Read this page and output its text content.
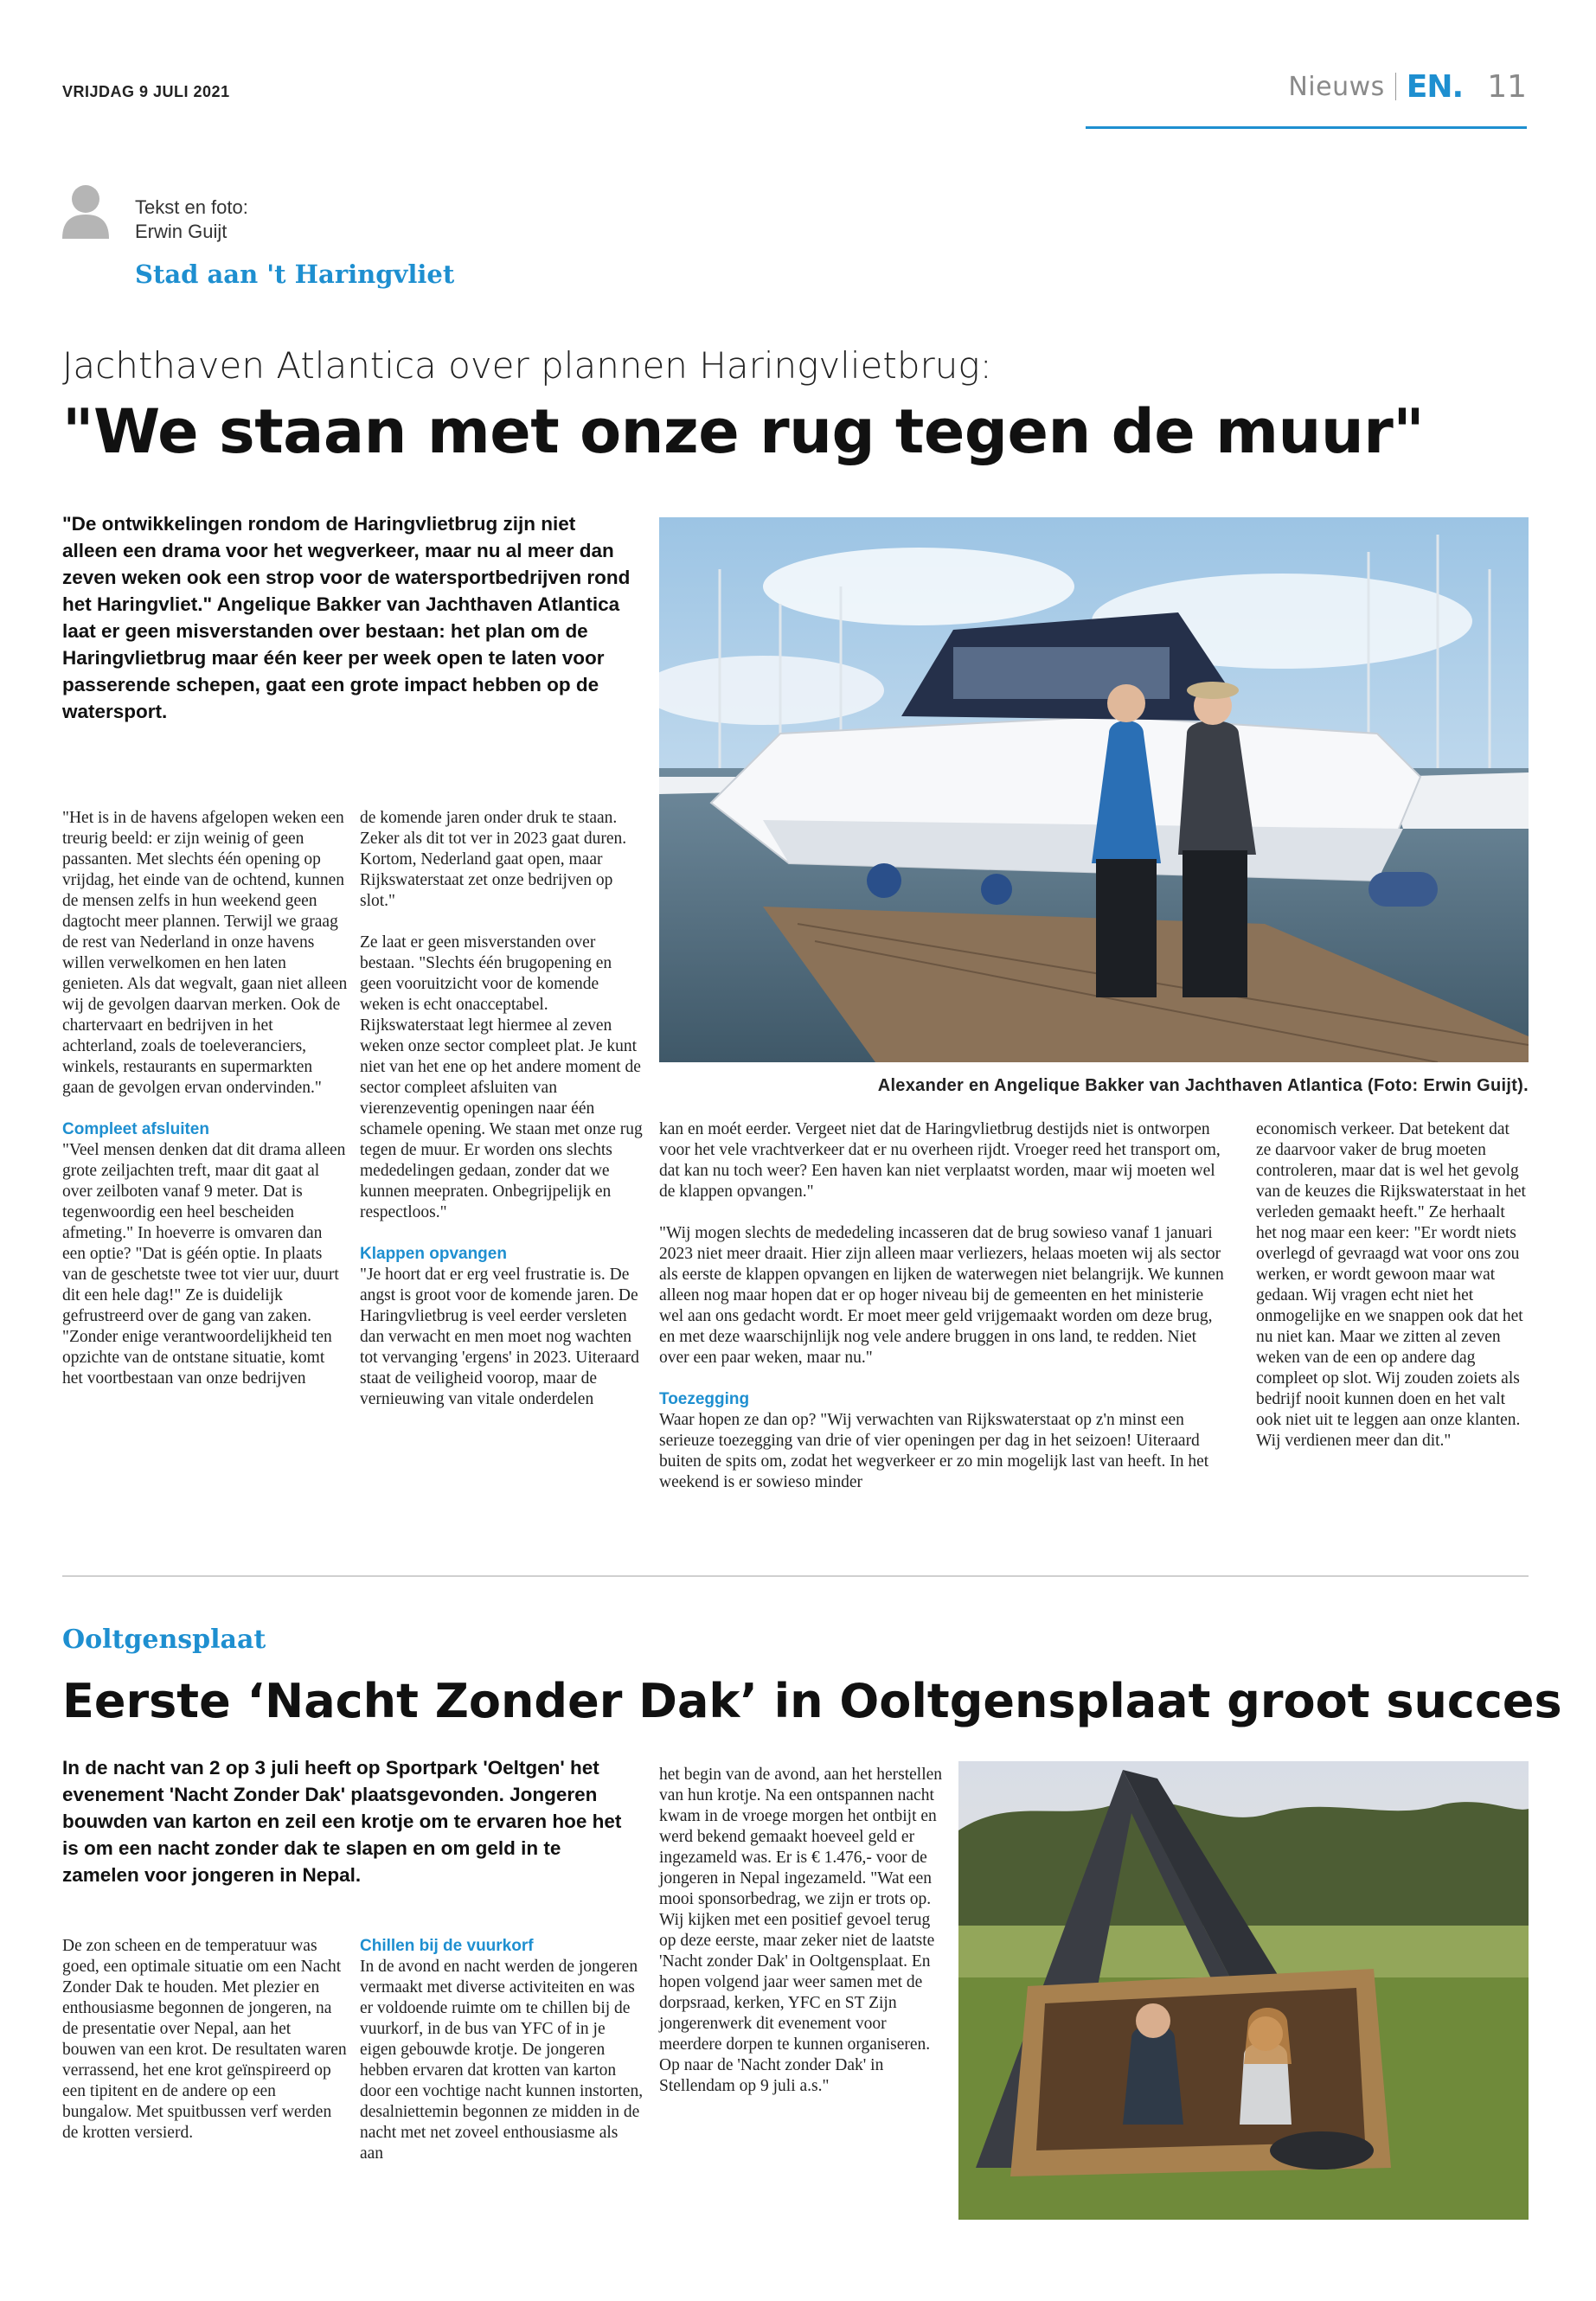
VRIJDAG 9 JULI 2021	Nieuws EN. 11
Tekst en foto:
Erwin Guijt
Stad aan 't Haringvliet
Jachthaven Atlantica over plannen Haringvlietbrug:
"We staan met onze rug tegen de muur"
"De ontwikkelingen rondom de Haringvlietbrug zijn niet alleen een drama voor het wegverkeer, maar nu al meer dan zeven weken ook een strop voor de watersportbedrijven rond het Haringvliet." Angelique Bakker van Jachthaven Atlantica laat er geen misverstanden over bestaan: het plan om de Haringvlietbrug maar één keer per week open te laten voor passerende schepen, gaat een grote impact hebben op de watersport.

"Het is in de havens afgelopen weken een treurig beeld: er zijn weinig of geen passanten. Met slechts één opening op vrijdag, het einde van de ochtend, kunnen de mensen zelfs in hun weekend geen dagtocht meer plannen. Terwijl we graag de rest van Nederland in onze havens willen verwelkomen en hen laten genieten. Als dat wegvalt, gaan niet alleen wij de gevolgen daarvan merken. Ook de chartervaart en bedrijven in het achterland, zoals de toeleveranciers, winkels, restaurants en supermarkten gaan de gevolgen ervan ondervinden."

Compleet afsluiten
"Veel mensen denken dat dit drama alleen grote zeiljachten treft, maar dit gaat al over zeilboten vanaf 9 meter. Dat is tegenwoordig een heel bescheiden afmeting." In hoeverre is omvaren dan een optie? "Dat is géén optie. In plaats van de geschetste twee tot vier uur, duurt dit een hele dag!" Ze is duidelijk gefrustreerd over de gang van zaken. "Zonder enige verantwoordelijkheid ten opzichte van de ontstane situatie, komt het voortbestaan van onze bedrijven

de komende jaren onder druk te staan. Zeker als dit tot ver in 2023 gaat duren. Kortom, Nederland gaat open, maar Rijkswaterstaat zet onze bedrijven op slot."

Ze laat er geen misverstanden over bestaan. "Slechts één brugopening en geen vooruitzicht voor de komende weken is echt onacceptabel. Rijkswaterstaat legt hiermee al zeven weken onze sector compleet plat. Je kunt niet van het ene op het andere moment de sector compleet afsluiten van vierenzeventig openingen naar één schamele opening. We staan met onze rug tegen de muur. Er worden ons slechts mededelingen gedaan, zonder dat we kunnen meepraten. Onbegrijpelijk en respectloos."

Klappen opvangen
"Je hoort dat er erg veel frustratie is. De angst is groot voor de komende jaren. De Haringvlietbrug is veel eerder versleten dan verwacht en men moet nog wachten tot vervanging 'ergens' in 2023. Uiteraard staat de veiligheid voorop, maar de vernieuwing van vitale onderdelen

Alexander en Angelique Bakker van Jachthaven Atlantica (Foto: Erwin Guijt).

kan en moét eerder. Vergeet niet dat de Haringvlietbrug destijds niet is ontworpen voor het vele vrachtverkeer dat er nu overheen rijdt. Vroeger reed het transport om, dat kan nu toch weer? Een haven kan niet verplaatst worden, maar wij moeten wel de klappen opvangen."

"Wij mogen slechts de mededeling incasseren dat de brug sowieso vanaf 1 januari 2023 niet meer draait. Hier zijn alleen maar verliezers, helaas moeten wij als sector als eerste de klappen opvangen en lijken de waterwegen niet belangrijk. We kunnen alleen nog maar hopen dat er op hoger niveau bij de gemeenten en het ministerie wel aan ons gedacht wordt. Er moet meer geld vrijgemaakt worden om deze brug, en met deze waarschijnlijk nog vele andere bruggen in ons land, te redden. Niet over een paar weken, maar nu."

Toezegging
Waar hopen ze dan op? "Wij verwachten van Rijkswaterstaat op z'n minst een serieuze toezegging van drie of vier openingen per dag in het seizoen! Uiteraard buiten de spits om, zodat het wegverkeer er zo min mogelijk last van heeft. In het weekend is er sowieso minder

economisch verkeer. Dat betekent dat ze daarvoor vaker de brug moeten controleren, maar dat is wel het gevolg van de keuzes die Rijkswaterstaat in het verleden gemaakt heeft." Ze herhaalt het nog maar een keer: "Er wordt niets overlegd of gevraagd wat voor ons zou werken, er wordt gewoon maar wat gedaan. Wij vragen echt niet het onmogelijke en we snappen ook dat het nu niet kan. Maar we zitten al zeven weken van de een op andere dag compleet op slot. Wij zouden zoiets als bedrijf nooit kunnen doen en het valt ook niet uit te leggen aan onze klanten. Wij verdienen meer dan dit."

Ooltgensplaat
Eerste ‘Nacht Zonder Dak’ in Ooltgensplaat groot succes
In de nacht van 2 op 3 juli heeft op Sportpark 'Oeltgen' het evenement 'Nacht Zonder Dak' plaatsgevonden. Jongeren bouwden van karton en zeil een krotje om te ervaren hoe het is om een nacht zonder dak te slapen en om geld in te zamelen voor jongeren in Nepal.

De zon scheen en de temperatuur was goed, een optimale situatie om een Nacht Zonder Dak te houden. Met plezier en enthousiasme begonnen de jongeren, na de presentatie over Nepal, aan het bouwen van een krot. De resultaten waren verrassend, het ene krot geïnspireerd op een tipitent en de andere op een bungalow. Met spuitbussen verf werden de krotten versierd.

Chillen bij de vuurkorf
In de avond en nacht werden de jongeren vermaakt met diverse activiteiten en was er voldoende ruimte om te chillen bij de vuurkorf, in de bus van YFC of in je eigen gebouwde krotje. De jongeren hebben ervaren dat krotten van karton door een vochtige nacht kunnen instorten, desalniettemin begonnen ze midden in de nacht met net zoveel enthousiasme als aan

het begin van de avond, aan het herstellen van hun krotje. Na een ontspannen nacht kwam in de vroege morgen het ontbijt en werd bekend gemaakt hoeveel geld er ingezameld was. Er is € 1.476,- voor de jongeren in Nepal ingezameld. "Wat een mooi sponsorbedrag, we zijn er trots op. Wij kijken met een positief gevoel terug op deze eerste, maar zeker niet de laatste 'Nacht zonder Dak' in Ooltgensplaat. En hopen volgend jaar weer samen met de dorpsraad, kerken, YFC en ST Zijn jongerenwerk dit evenement voor meerdere dorpen te kunnen organiseren. Op naar de 'Nacht zonder Dak' in Stellendam op 9 juli a.s."
